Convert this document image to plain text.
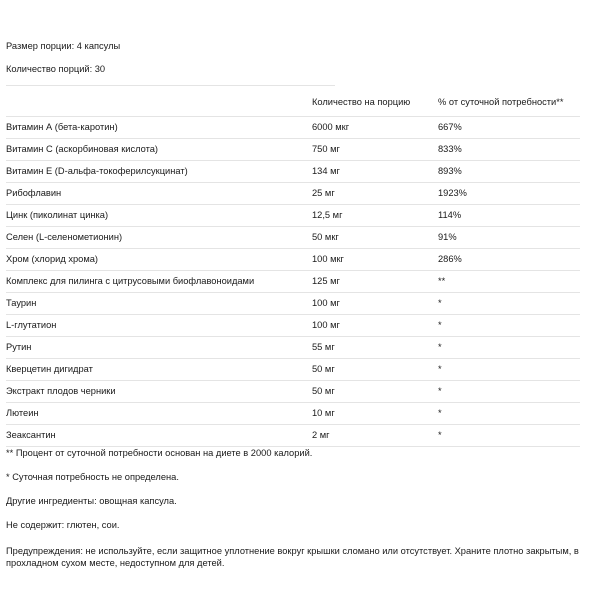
Размер порции: 4 капсулы

Количество порций: 30

	Количество на порцию	% от суточной потребности**
Витамин А (бета-каротин)	6000 мкг	667%
Витамин С (аскорбиновая кислота)	750 мг	833%
Витамин Е (D-альфа-токоферилсукцинат)	134 мг	893%
Рибофлавин	25 мг	1923%
Цинк (пиколинат цинка)	12,5 мг	114%
Селен (L-селенометионин)	50 мкг	91%
Хром (хлорид хрома)	100 мкг	286%
Комплекс для пилинга с цитрусовыми биофлавоноидами	125 мг	**
Таурин	100 мг	*
L-глутатион	100 мг	*
Рутин	55 мг	*
Кверцетин дигидрат	50 мг	*
Экстракт плодов черники	50 мг	*
Лютеин	10 мг	*
Зеаксантин	2 мг	*

** Процент от суточной потребности основан на диете в 2000 калорий.

* Суточная потребность не определена.

Другие ингредиенты: овощная капсула.

Не содержит: глютен, сои.

Предупреждения: не используйте, если защитное уплотнение вокруг крышки сломано или отсутствует. Храните плотно закрытым, в прохладном сухом месте, недоступном для детей.
